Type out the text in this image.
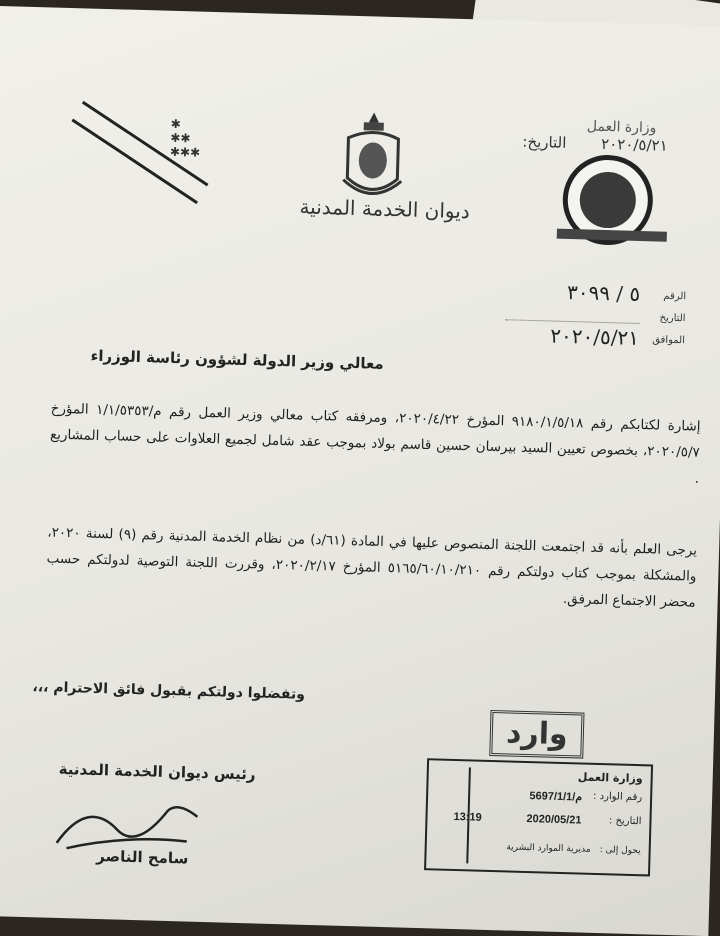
✱
✱✱
✱✱✱
ديوان الخدمة المدنية
وزارة العمل
٢٠٢٠/٥/٢١ التاريخ:
الرقم
٥ / ٣٠٩٩
التاريخ
الموافق
٢٠٢٠/٥/٢١
معالي وزير الدولة لشؤون رئاسة الوزراء
إشارة لكتابكم رقم ٩١٨٠/١/٥/١٨ المؤرخ ٢٠٢٠/٤/٢٢، ومرفقه كتاب معالي وزير العمل رقم م/١/١/٥٣٥٣ المؤرخ ٢٠٢٠/٥/٧، بخصوص تعيين السيد بيرسان حسين قاسم بولاد بموجب عقد شامل لجميع العلاوات على حساب المشاريع .
يرجى العلم بأنه قد اجتمعت اللجنة المنصوص عليها في المادة (٦١/د) من نظام الخدمة المدنية رقم (٩) لسنة ٢٠٢٠، والمشكلة بموجب كتاب دولتكم رقم ٥١٦٥/٦٠/١٠/٢١٠ المؤرخ ٢٠٢٠/٢/١٧، وقررت اللجنة التوصية لدولتكم حسب محضر الاجتماع المرفق.
وتفضلوا دولتكم بقبول فائق الاحترام ،،،
وارد
رئيس ديوان الخدمة المدنية
سامح الناصر
وزارة العمل
رقم الوارد :
5697/1/1/م
التاريخ :
2020/05/21
13:19
يحول إلى :
مديرية الموارد البشرية
